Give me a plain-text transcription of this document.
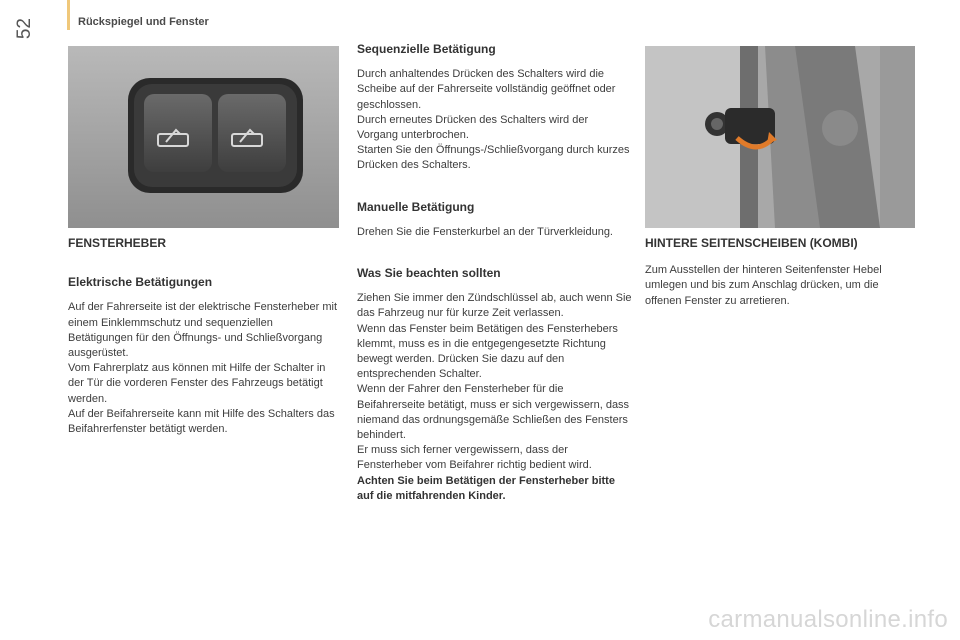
Rückspiegel und Fenster
52
FENSTERHEBER
Elektrische Betätigungen

Auf der Fahrerseite ist der elektrische Fensterheber mit einem Einklemmschutz und sequenziellen Betätigungen für den Öffnungs- und Schließvorgang ausgerüstet.

Vom Fahrerplatz aus können mit Hilfe der Schalter in der Tür die vorderen Fenster des Fahrzeugs betätigt werden.

Auf der Beifahrerseite kann mit Hilfe des Schalters das Beifahrerfenster betätigt werden.

Sequenzielle Betätigung

Durch anhaltendes Drücken des Schalters wird die Scheibe auf der Fahrerseite vollständig geöffnet oder geschlossen.

Durch erneutes Drücken des Schalters wird der Vorgang unterbrochen.

Starten Sie den Öffnungs-/Schließvorgang durch kurzes Drücken des Schalters.

Manuelle Betätigung

Drehen Sie die Fensterkurbel an der Türverkleidung.

Was Sie beachten sollten

Ziehen Sie immer den Zündschlüssel ab, auch wenn Sie das Fahrzeug nur für kurze Zeit verlassen.

Wenn das Fenster beim Betätigen des Fensterhebers klemmt, muss es in die entgegengesetzte Richtung bewegt werden. Drücken Sie dazu auf den entsprechenden Schalter.

Wenn der Fahrer den Fensterheber für die Beifahrerseite betätigt, muss er sich vergewissern, dass niemand das ordnungsgemäße Schließen des Fensters behindert.

Er muss sich ferner vergewissern, dass der Fensterheber vom Beifahrer richtig bedient wird.

Achten Sie beim Betätigen der Fensterheber bitte auf die mitfahrenden Kinder.

HINTERE SEITENSCHEIBEN (KOMBI)

Zum Ausstellen der hinteren Seitenfenster Hebel umlegen und bis zum Anschlag drücken, um die offenen Fenster zu arretieren.

carmanualsonline.info
